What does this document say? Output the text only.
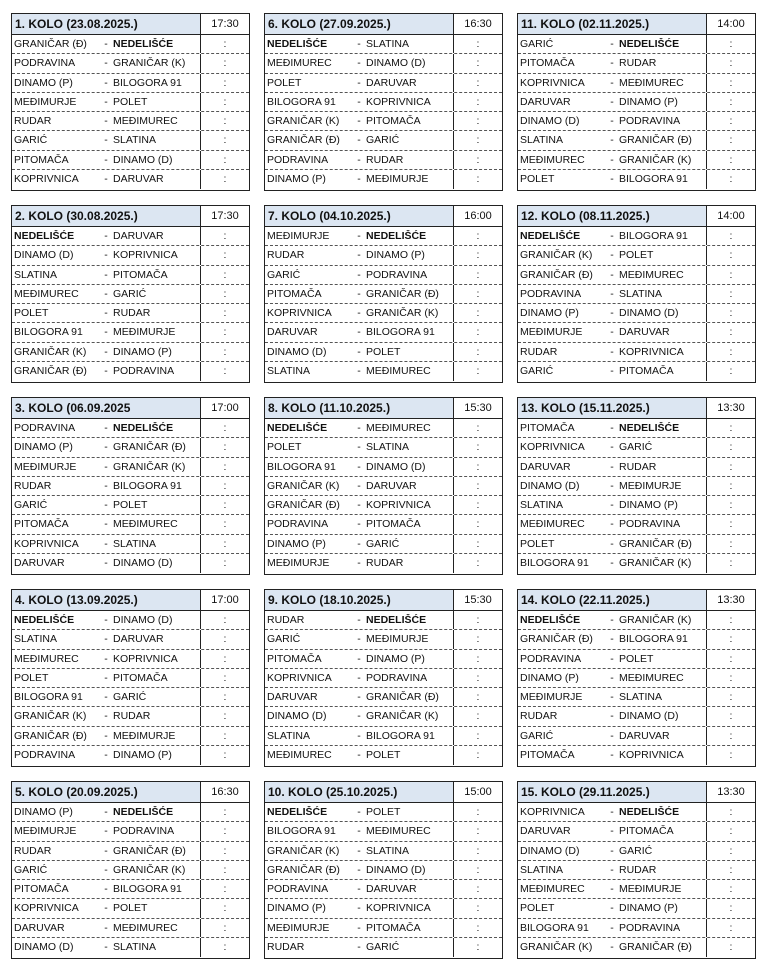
1. KOLO (23.08.2025.)	17:30
GRANIČAR (Đ)	- NEDELIŠĆE	:
PODRAVINA	- GRANIČAR (K)	:
DINAMO (P)	- BILOGORA 91	:
MEĐIMURJE	- POLET	:
RUDAR	- MEĐIMUREC	:
GARIĆ	- SLATINA	:
PITOMAČA	- DINAMO (D)	:
KOPRIVNICA	- DARUVAR	:
6. KOLO (27.09.2025.)	16:30
NEDELIŠĆE	- SLATINA	:
MEĐIMUREC	- DINAMO (D)	:
POLET	- DARUVAR	:
BILOGORA 91	- KOPRIVNICA	:
GRANIČAR (K)	- PITOMAČA	:
GRANIČAR (Đ)	- GARIĆ	:
PODRAVINA	- RUDAR	:
DINAMO (P)	- MEĐIMURJE	:
11. KOLO (02.11.2025.)	14:00
GARIĆ	- NEDELIŠĆE	:
PITOMAČA	- RUDAR	:
KOPRIVNICA	- MEĐIMUREC	:
DARUVAR	- DINAMO (P)	:
DINAMO (D)	- PODRAVINA	:
SLATINA	- GRANIČAR (Đ)	:
MEĐIMUREC	- GRANIČAR (K)	:
POLET	- BILOGORA 91	:
2. KOLO (30.08.2025.)	17:30
NEDELIŠĆE	- DARUVAR	:
DINAMO (D)	- KOPRIVNICA	:
SLATINA	- PITOMAČA	:
MEĐIMUREC	- GARIĆ	:
POLET	- RUDAR	:
BILOGORA 91	- MEĐIMURJE	:
GRANIČAR (K)	- DINAMO (P)	:
GRANIČAR (Đ)	- PODRAVINA	:
7. KOLO (04.10.2025.)	16:00
MEĐIMURJE	- NEDELIŠĆE	:
RUDAR	- DINAMO (P)	:
GARIĆ	- PODRAVINA	:
PITOMAČA	- GRANIČAR (Đ)	:
KOPRIVNICA	- GRANIČAR (K)	:
DARUVAR	- BILOGORA 91	:
DINAMO (D)	- POLET	:
SLATINA	- MEĐIMUREC	:
12. KOLO (08.11.2025.)	14:00
NEDELIŠĆE	- BILOGORA 91	:
GRANIČAR (K)	- POLET	:
GRANIČAR (Đ)	- MEĐIMUREC	:
PODRAVINA	- SLATINA	:
DINAMO (P)	- DINAMO (D)	:
MEĐIMURJE	- DARUVAR	:
RUDAR	- KOPRIVNICA	:
GARIĆ	- PITOMAČA	:
3. KOLO (06.09.2025	17:00
PODRAVINA	- NEDELIŠĆE	:
DINAMO (P)	- GRANIČAR (Đ)	:
MEĐIMURJE	- GRANIČAR (K)	:
RUDAR	- BILOGORA 91	:
GARIĆ	- POLET	:
PITOMAČA	- MEĐIMUREC	:
KOPRIVNICA	- SLATINA	:
DARUVAR	- DINAMO (D)	:
8. KOLO (11.10.2025.)	15:30
NEDELIŠĆE	- MEĐIMUREC	:
POLET	- SLATINA	:
BILOGORA 91	- DINAMO (D)	:
GRANIČAR (K)	- DARUVAR	:
GRANIČAR (Đ)	- KOPRIVNICA	:
PODRAVINA	- PITOMAČA	:
DINAMO (P)	- GARIĆ	:
MEĐIMURJE	- RUDAR	:
13. KOLO (15.11.2025.)	13:30
PITOMAČA	- NEDELIŠĆE	:
KOPRIVNICA	- GARIĆ	:
DARUVAR	- RUDAR	:
DINAMO (D)	- MEĐIMURJE	:
SLATINA	- DINAMO (P)	:
MEĐIMUREC	- PODRAVINA	:
POLET	- GRANIČAR (Đ)	:
BILOGORA 91	- GRANIČAR (K)	:
4. KOLO (13.09.2025.)	17:00
NEDELIŠĆE	- DINAMO (D)	:
SLATINA	- DARUVAR	:
MEĐIMUREC	- KOPRIVNICA	:
POLET	- PITOMAČA	:
BILOGORA 91	- GARIĆ	:
GRANIČAR (K)	- RUDAR	:
GRANIČAR (Đ)	- MEĐIMURJE	:
PODRAVINA	- DINAMO (P)	:
9. KOLO (18.10.2025.)	15:30
RUDAR	- NEDELIŠĆE	:
GARIĆ	- MEĐIMURJE	:
PITOMAČA	- DINAMO (P)	:
KOPRIVNICA	- PODRAVINA	:
DARUVAR	- GRANIČAR (Đ)	:
DINAMO (D)	- GRANIČAR (K)	:
SLATINA	- BILOGORA 91	:
MEĐIMUREC	- POLET	:
14. KOLO (22.11.2025.)	13:30
NEDELIŠĆE	- GRANIČAR (K)	:
GRANIČAR (Đ)	- BILOGORA 91	:
PODRAVINA	- POLET	:
DINAMO (P)	- MEĐIMUREC	:
MEĐIMURJE	- SLATINA	:
RUDAR	- DINAMO (D)	:
GARIĆ	- DARUVAR	:
PITOMAČA	- KOPRIVNICA	:
5. KOLO (20.09.2025.)	16:30
DINAMO (P)	- NEDELIŠĆE	:
MEĐIMURJE	- PODRAVINA	:
RUDAR	- GRANIČAR (Đ)	:
GARIĆ	- GRANIČAR (K)	:
PITOMAČA	- BILOGORA 91	:
KOPRIVNICA	- POLET	:
DARUVAR	- MEĐIMUREC	:
DINAMO (D)	- SLATINA	:
10. KOLO (25.10.2025.)	15:00
NEDELIŠĆE	- POLET	:
BILOGORA 91	- MEĐIMUREC	:
GRANIČAR (K)	- SLATINA	:
GRANIČAR (Đ)	- DINAMO (D)	:
PODRAVINA	- DARUVAR	:
DINAMO (P)	- KOPRIVNICA	:
MEĐIMURJE	- PITOMAČA	:
RUDAR	- GARIĆ	:
15. KOLO (29.11.2025.)	13:30
KOPRIVNICA	- NEDELIŠĆE	:
DARUVAR	- PITOMAČA	:
DINAMO (D)	- GARIĆ	:
SLATINA	- RUDAR	:
MEĐIMUREC	- MEĐIMURJE	:
POLET	- DINAMO (P)	:
BILOGORA 91	- PODRAVINA	:
GRANIČAR (K)	- GRANIČAR (Đ)	:
